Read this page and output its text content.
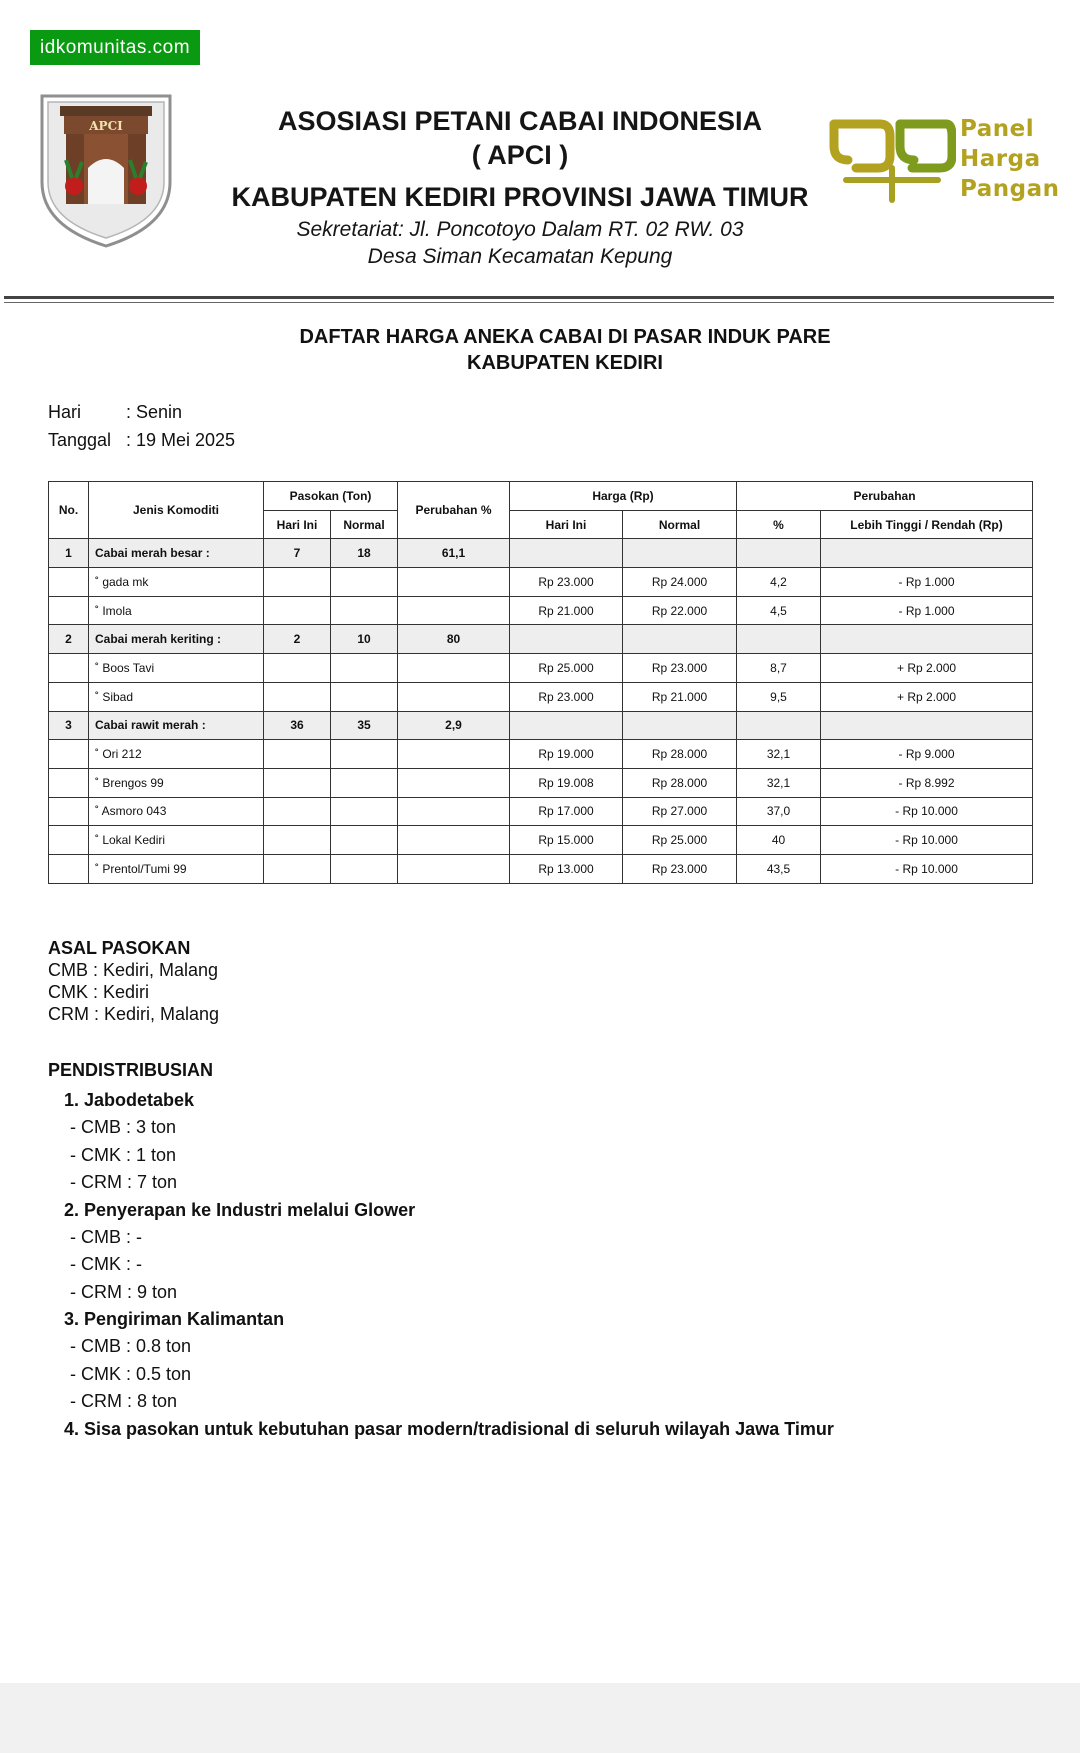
idkomunitas.com
APCI	ASOSIASI PETANI CABAI INDONESIA
( APCI )
KABUPATEN KEDIRI PROVINSI JAWA TIMUR
Sekretariat: Jl. Poncotoyo Dalam RT. 02 RW. 03
Desa Siman Kecamatan Kepung
Panel
Harga
Pangan
DAFTAR HARGA ANEKA CABAI DI PASAR INDUK PARE
KABUPATEN KEDIRI
Hari : Senin
Tanggal : 19 Mei 2025
No.	Jenis Komoditi	Pasokan (Ton)		Perubahan %	Harga (Rp)		Perubahan	
		Hari Ini	Normal		Hari Ini	Normal	%	Lebih Tinggi / Rendah (Rp)
1	Cabai merah besar :	7	18	61,1				
	˚ gada mk				Rp 23.000	Rp 24.000	4,2	- Rp 1.000
	˚ Imola				Rp 21.000	Rp 22.000	4,5	- Rp 1.000
2	Cabai merah keriting :	2	10	80				
	˚ Boos Tavi				Rp 25.000	Rp 23.000	8,7	+ Rp 2.000
	˚ Sibad				Rp 23.000	Rp 21.000	9,5	+ Rp 2.000
3	Cabai rawit merah :	36	35	2,9				
	˚ Ori 212				Rp 19.000	Rp 28.000	32,1	- Rp 9.000
	˚ Brengos 99				Rp 19.008	Rp 28.000	32,1	- Rp 8.992
	˚ Asmoro 043				Rp 17.000	Rp 27.000	37,0	- Rp 10.000
	˚ Lokal Kediri				Rp 15.000	Rp 25.000	40	- Rp 10.000
	˚ Prentol/Tumi 99				Rp 13.000	Rp 23.000	43,5	- Rp 10.000
ASAL PASOKAN
CMB : Kediri, Malang
CMK : Kediri
CRM : Kediri, Malang
PENDISTRIBUSIAN
1. Jabodetabek
- CMB : 3 ton
- CMK : 1 ton
- CRM : 7 ton
2. Penyerapan ke Industri melalui Glower
- CMB : -
- CMK : -
- CRM : 9 ton
3. Pengiriman Kalimantan
- CMB : 0.8 ton
- CMK : 0.5 ton
- CRM : 8 ton
4. Sisa pasokan untuk kebutuhan pasar modern/tradisional di seluruh wilayah Jawa Timur
